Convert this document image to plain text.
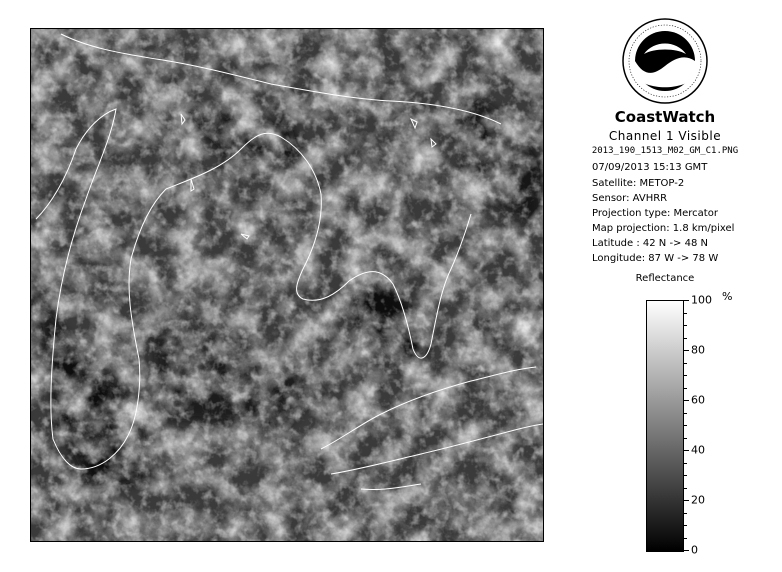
NOAA
CoastWatch
Channel 1 Visible
2013_190_1513_M02_GM_C1.PNG
07/09/2013 15:13 GMT
Satellite: METOP-2
Sensor: AVHRR
Projection type: Mercator
Map projection: 1.8 km/pixel
Latitude : 42 N -> 48 N
Longitude: 87 W -> 78 W
Reflectance
%
100
80
60
40
20
0
